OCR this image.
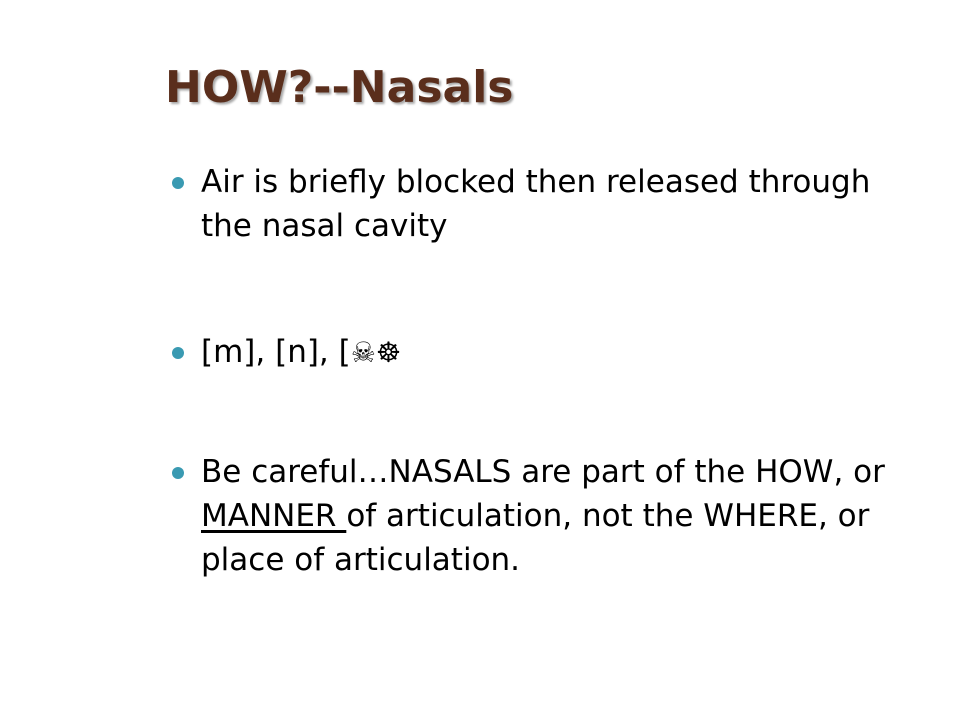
HOW?--Nasals
Air is briefly blocked then released through the nasal cavity
[m], [n], [☠☸
Be careful…NASALS are part of the HOW, or MANNER of articulation, not the WHERE, or place of articulation.
